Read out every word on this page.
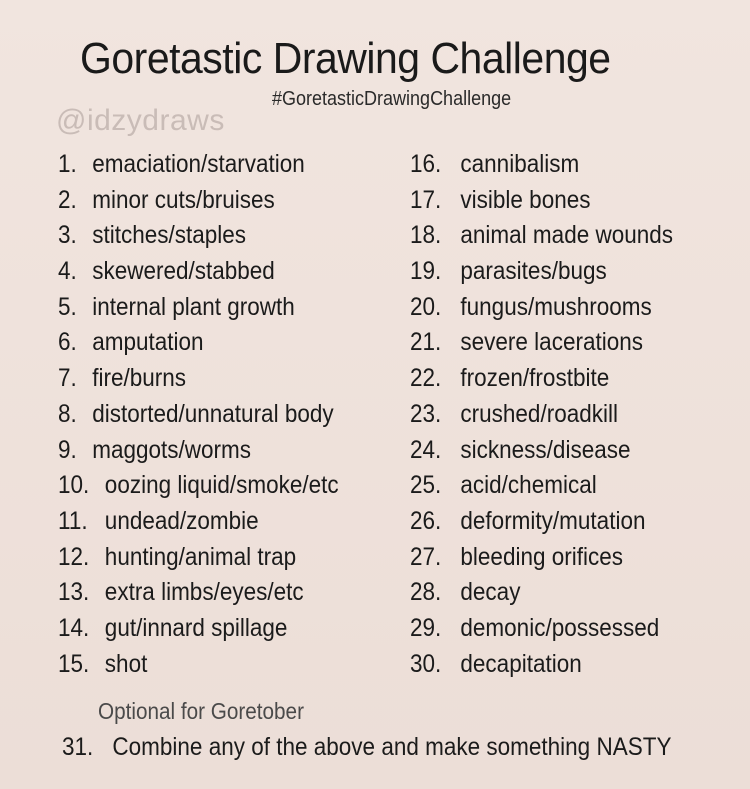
Goretastic Drawing Challenge
@idzydraws
#GoretasticDrawingChallenge
1. emaciation/starvation
2. minor cuts/bruises
3. stitches/staples
4. skewered/stabbed
5. internal plant growth
6. amputation
7. fire/burns
8. distorted/unnatural body
9. maggots/worms
10. oozing liquid/smoke/etc
11. undead/zombie
12. hunting/animal trap
13. extra limbs/eyes/etc
14. gut/innard spillage
15. shot
16. cannibalism
17. visible bones
18. animal made wounds
19. parasites/bugs
20. fungus/mushrooms
21. severe lacerations
22. frozen/frostbite
23. crushed/roadkill
24. sickness/disease
25. acid/chemical
26. deformity/mutation
27. bleeding orifices
28. decay
29. demonic/possessed
30. decapitation
Optional for Goretober
31. Combine any of the above and make something NASTY
